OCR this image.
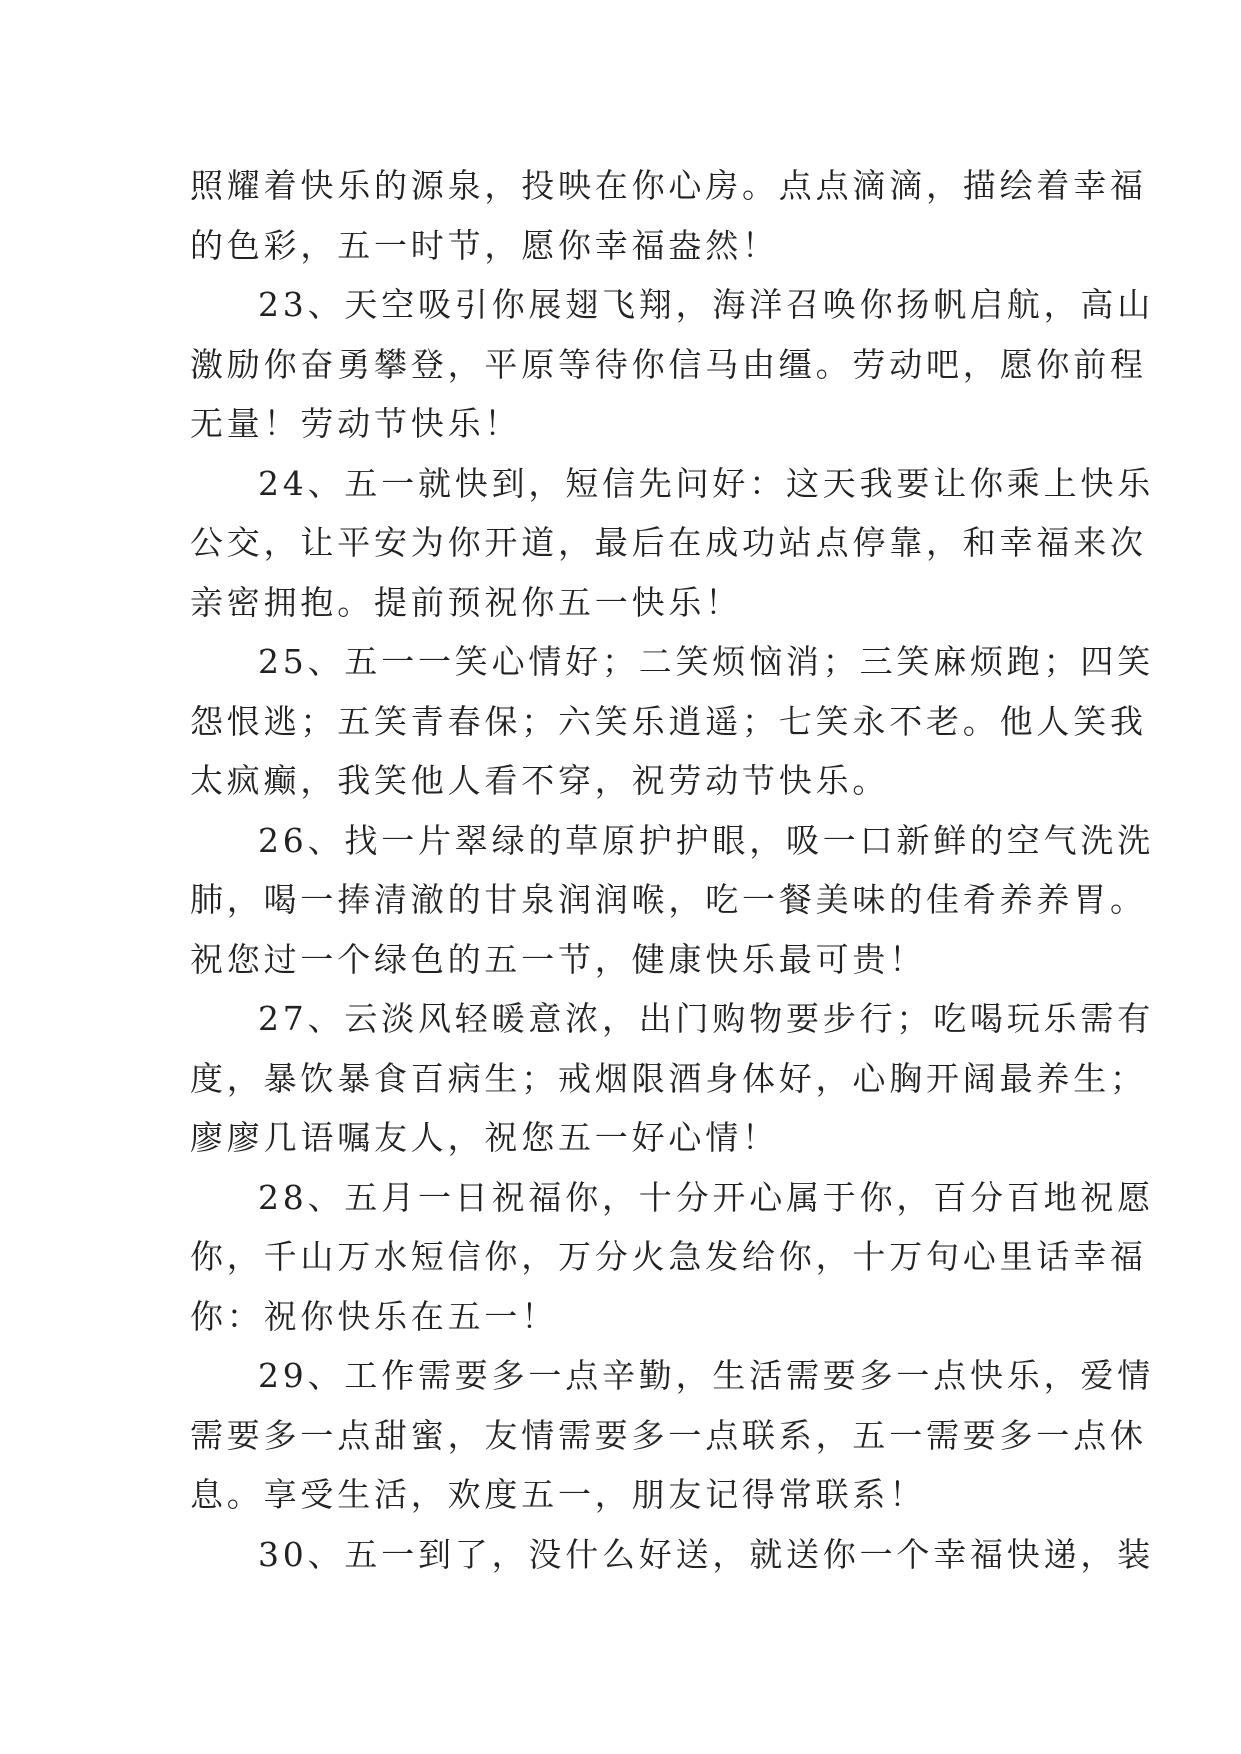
照耀着快乐的源泉，投映在你心房。点点滴滴，描绘着幸福
的色彩，五一时节，愿你幸福盎然！

23、天空吸引你展翅飞翔，海洋召唤你扬帆启航，高山
激励你奋勇攀登，平原等待你信马由缰。劳动吧，愿你前程
无量！劳动节快乐！

24、五一就快到，短信先问好：这天我要让你乘上快乐
公交，让平安为你开道，最后在成功站点停靠，和幸福来次
亲密拥抱。提前预祝你五一快乐！

25、五一一笑心情好；二笑烦恼消；三笑麻烦跑；四笑
怨恨逃；五笑青春保；六笑乐逍遥；七笑永不老。他人笑我
太疯癫，我笑他人看不穿，祝劳动节快乐。

26、找一片翠绿的草原护护眼，吸一口新鲜的空气洗洗
肺，喝一捧清澈的甘泉润润喉，吃一餐美味的佳肴养养胃。
祝您过一个绿色的五一节，健康快乐最可贵！

27、云淡风轻暖意浓，出门购物要步行；吃喝玩乐需有
度，暴饮暴食百病生；戒烟限酒身体好，心胸开阔最养生；
廖廖几语嘱友人，祝您五一好心情！

28、五月一日祝福你，十分开心属于你，百分百地祝愿
你，千山万水短信你，万分火急发给你，十万句心里话幸福
你：祝你快乐在五一！

29、工作需要多一点辛勤，生活需要多一点快乐，爱情
需要多一点甜蜜，友情需要多一点联系，五一需要多一点休
息。享受生活，欢度五一，朋友记得常联系！

30、五一到了，没什么好送，就送你一个幸福快递，装
